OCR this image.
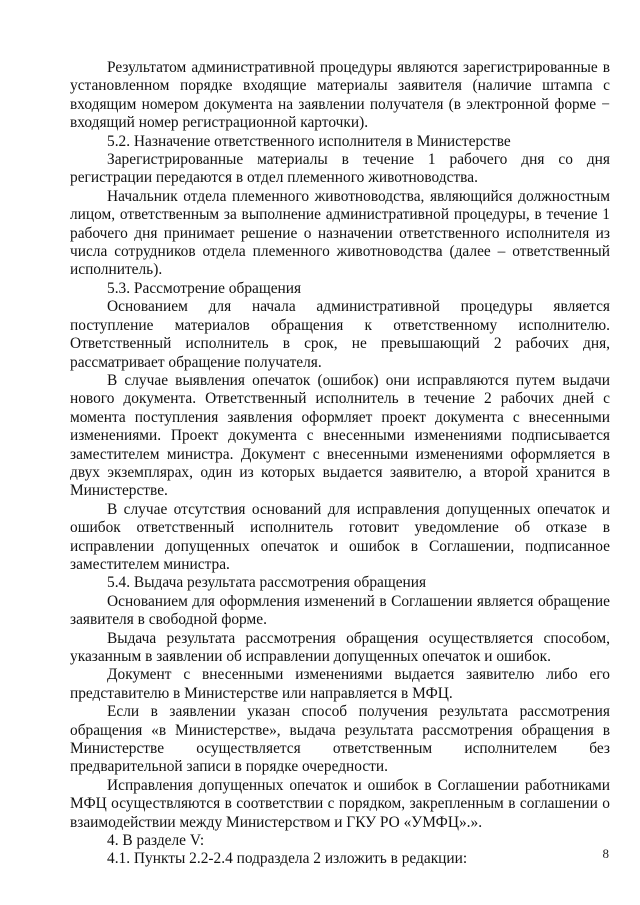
Результатом административной процедуры являются зарегистрированные в установленном порядке входящие материалы заявителя (наличие штампа с входящим номером документа на заявлении получателя (в электронной форме − входящий номер регистрационной карточки).

5.2. Назначение ответственного исполнителя в Министерстве

Зарегистрированные материалы в течение 1 рабочего дня со дня регистрации передаются в отдел племенного животноводства.

Начальник отдела племенного животноводства, являющийся должностным лицом, ответственным за выполнение административной процедуры, в течение 1 рабочего дня принимает решение о назначении ответственного исполнителя из числа сотрудников отдела племенного животноводства (далее – ответственный исполнитель).

5.3. Рассмотрение обращения

Основанием для начала административной процедуры является поступление материалов обращения к ответственному исполнителю. Ответственный исполнитель в срок, не превышающий 2 рабочих дня, рассматривает обращение получателя.

В случае выявления опечаток (ошибок) они исправляются путем выдачи нового документа. Ответственный исполнитель в течение 2 рабочих дней с момента поступления заявления оформляет проект документа с внесенными изменениями. Проект документа с внесенными изменениями подписывается заместителем министра. Документ с внесенными изменениями оформляется в двух экземплярах, один из которых выдается заявителю, а второй хранится в Министерстве.

В случае отсутствия оснований для исправления допущенных опечаток и ошибок ответственный исполнитель готовит уведомление об отказе в исправлении допущенных опечаток и ошибок в Соглашении, подписанное заместителем министра.

5.4. Выдача результата рассмотрения обращения

Основанием для оформления изменений в Соглашении является обращение заявителя в свободной форме.

Выдача результата рассмотрения обращения осуществляется способом, указанным в заявлении об исправлении допущенных опечаток и ошибок.

Документ с внесенными изменениями выдается заявителю либо его представителю в Министерстве или направляется в МФЦ.

Если в заявлении указан способ получения результата рассмотрения обращения «в Министерстве», выдача результата рассмотрения обращения в Министерстве осуществляется ответственным исполнителем без предварительной записи в порядке очередности.

Исправления допущенных опечаток и ошибок в Соглашении работниками МФЦ осуществляются в соответствии с порядком, закрепленным в соглашении о взаимодействии между Министерством и ГКУ РО «УМФЦ».».

4. В разделе V:

4.1. Пункты 2.2-2.4 подраздела 2 изложить в редакции:	8
